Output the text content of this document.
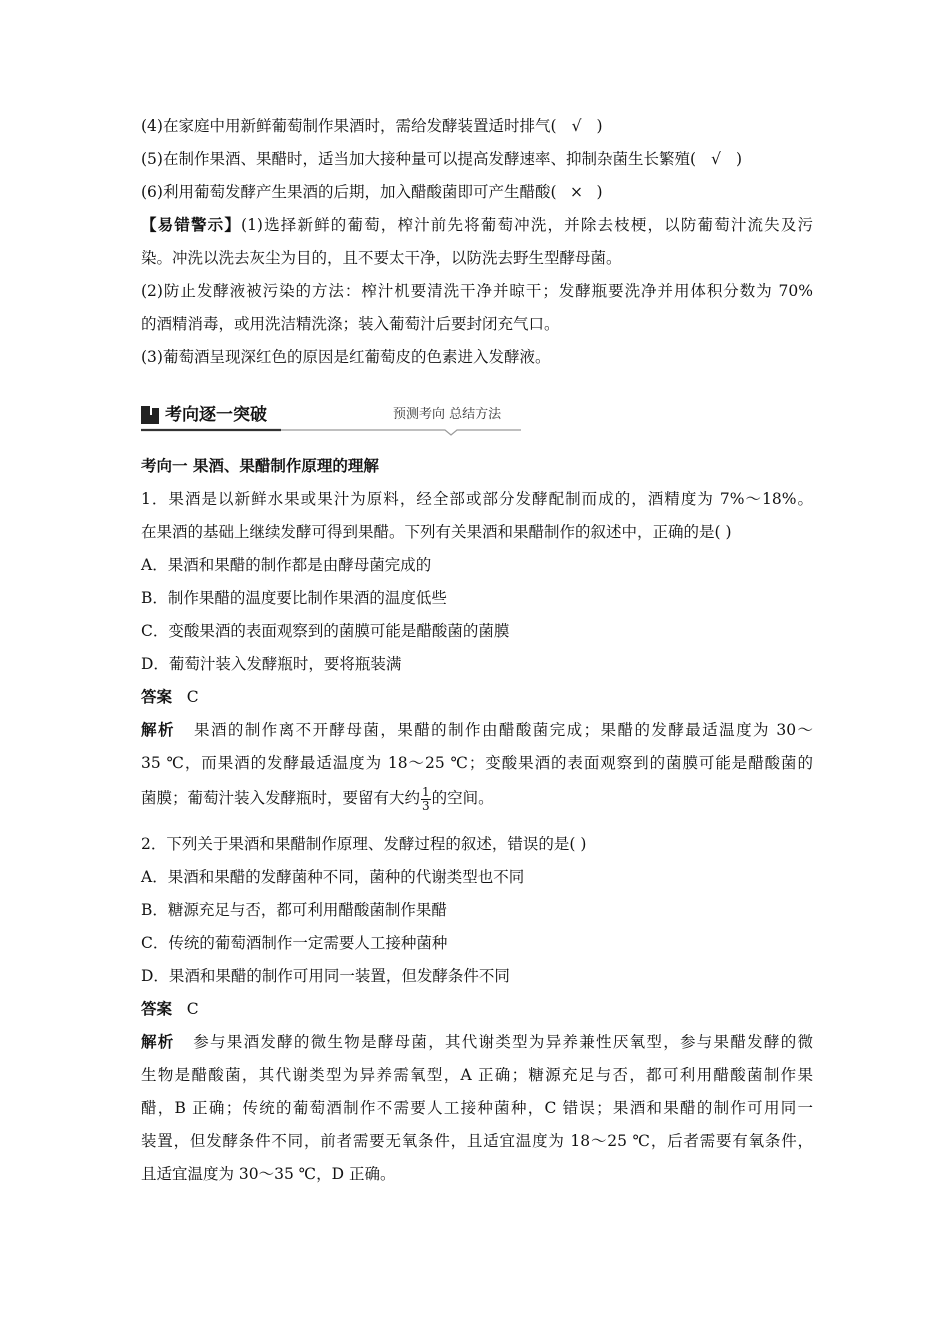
(4)在家庭中用新鲜葡萄制作果酒时，需给发酵装置适时排气( √ )
(5)在制作果酒、果醋时，适当加大接种量可以提高发酵速率、抑制杂菌生长繁殖( √ )
(6)利用葡萄发酵产生果酒的后期，加入醋酸菌即可产生醋酸( × )
【易错警示】(1)选择新鲜的葡萄，榨汁前先将葡萄冲洗，并除去枝梗，以防葡萄汁流失及污
染。冲洗以洗去灰尘为目的，且不要太干净，以防洗去野生型酵母菌。
(2)防止发酵液被污染的方法：榨汁机要清洗干净并晾干；发酵瓶要洗净并用体积分数为 70%
的酒精消毒，或用洗洁精洗涤；装入葡萄汁后要封闭充气口。
(3)葡萄酒呈现深红色的原因是红葡萄皮的色素进入发酵液。
考向逐一突破	预测考向 总结方法
考向一 果酒、果醋制作原理的理解
1．果酒是以新鲜水果或果汁为原料，经全部或部分发酵配制而成的，酒精度为 7%～18%。
在果酒的基础上继续发酵可得到果醋。下列有关果酒和果醋制作的叙述中，正确的是( )
A．果酒和果醋的制作都是由酵母菌完成的
B．制作果醋的温度要比制作果酒的温度低些
C．变酸果酒的表面观察到的菌膜可能是醋酸菌的菌膜
D．葡萄汁装入发酵瓶时，要将瓶装满
答案 C
解析 果酒的制作离不开酵母菌，果醋的制作由醋酸菌完成；果醋的发酵最适温度为 30～
35 ℃，而果酒的发酵最适温度为 18～25 ℃；变酸果酒的表面观察到的菌膜可能是醋酸菌的
菌膜；葡萄汁装入发酵瓶时，要留有大约 $\frac{1}{3}$ 的空间。
2．下列关于果酒和果醋制作原理、发酵过程的叙述，错误的是( )
A．果酒和果醋的发酵菌种不同，菌种的代谢类型也不同
B．糖源充足与否，都可利用醋酸菌制作果醋
C．传统的葡萄酒制作一定需要人工接种菌种
D．果酒和果醋的制作可用同一装置，但发酵条件不同
答案 C
解析 参与果酒发酵的微生物是酵母菌，其代谢类型为异养兼性厌氧型，参与果醋发酵的微
生物是醋酸菌，其代谢类型为异养需氧型，A 正确；糖源充足与否，都可利用醋酸菌制作果
醋，B 正确；传统的葡萄酒制作不需要人工接种菌种，C 错误；果酒和果醋的制作可用同一
装置，但发酵条件不同，前者需要无氧条件，且适宜温度为 18～25 ℃，后者需要有氧条件，
且适宜温度为 30～35 ℃，D 正确。
